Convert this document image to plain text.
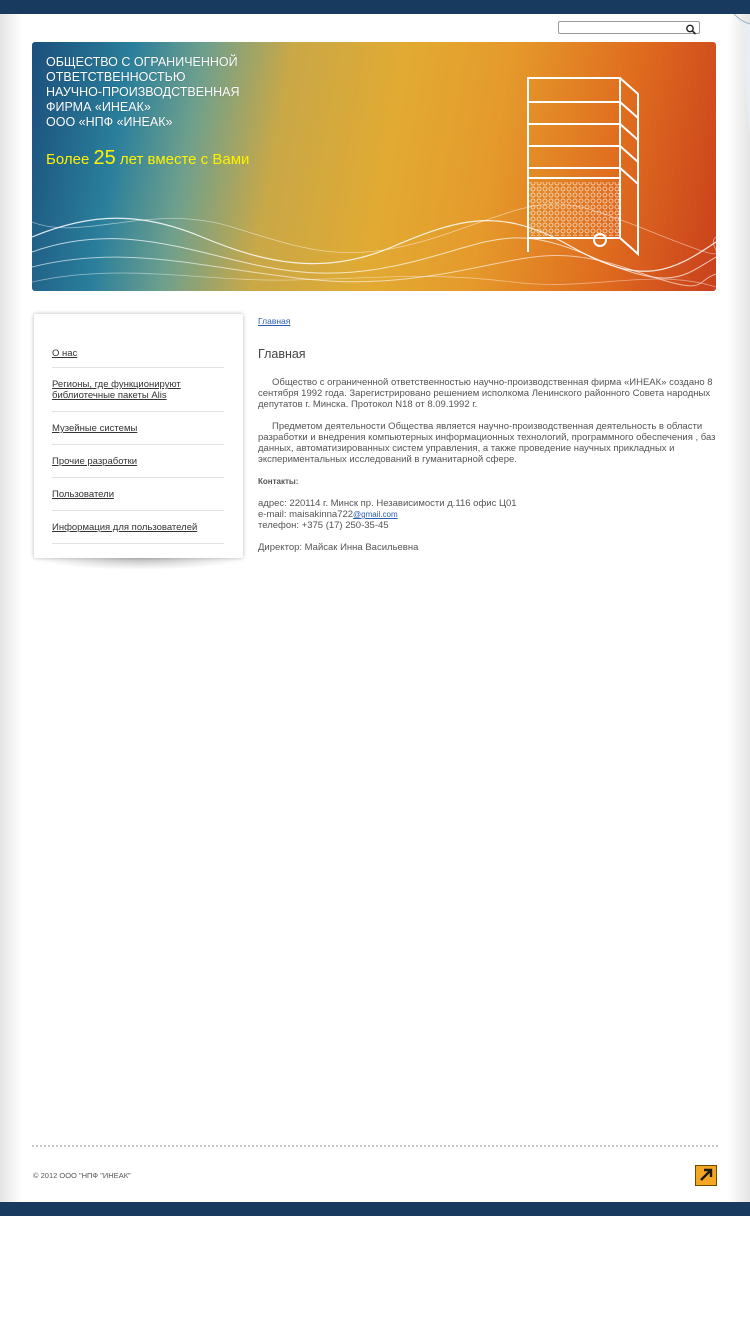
ОБЩЕСТВО С ОГРАНИЧЕННОЙ
ОТВЕТСТВЕННОСТЬЮ
НАУЧНО-ПРОИЗВОДСТВЕННАЯ
ФИРМА «ИНЕАК»
ООО «НПФ «ИНЕАК»
Более 25 лет вместе с Вами
О нас
Регионы, где функционируют библиотечные пакеты Alis
Музейные системы
Прочие разработки
Пользователи
Информация для пользователей
Главная
Главная

Общество с ограниченной ответственностью научно-производственная фирма «ИНЕАК» создано 8 сентября 1992 года. Зарегистрировано решением исполкома Ленинского районного Совета народных депутатов г. Минска. Протокол N18 от 8.09.1992 г.

Предметом деятельности Общества является научно-производственная деятельность в области разработки и внедрения компьютерных информационных технологий, программного обеспечения , баз данных, автоматизированных систем управления, а также проведение научных прикладных и экспериментальных исследований в гуманитарной сфере.

Контакты:

адрес: 220114 г. Минск пр. Независимости д.116 офис Ц01

e-mail: maisakinna722@gmail.com

телефон: +375 (17) 250-35-45

Директор: Майсак Инна Васильевна

© 2012 ООО "НПФ "ИНЕАК"
